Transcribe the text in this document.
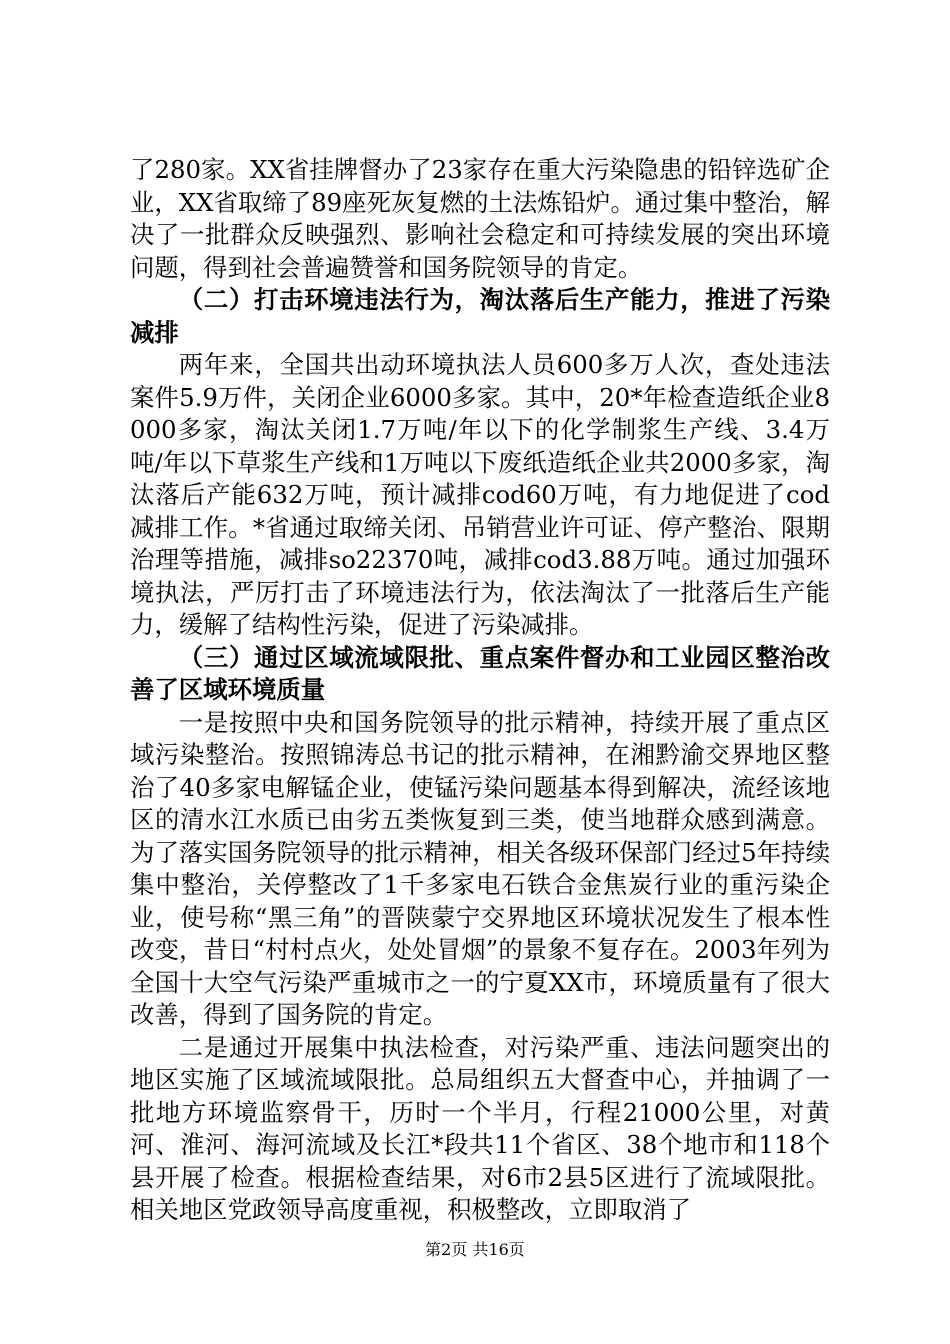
了280家。XX省挂牌督办了23家存在重大污染隐患的铅锌选矿企业，XX省取缔了89座死灰复燃的土法炼铅炉。通过集中整治，解决了一批群众反映强烈、影响社会稳定和可持续发展的突出环境问题，得到社会普遍赞誉和国务院领导的肯定。

（二）打击环境违法行为，淘汰落后生产能力，推进了污染减排

两年来，全国共出动环境执法人员600多万人次，查处违法案件5.9万件，关闭企业6000多家。其中，20*年检查造纸企业8000多家，淘汰关闭1.7万吨/年以下的化学制浆生产线、3.4万吨/年以下草浆生产线和1万吨以下废纸造纸企业共2000多家，淘汰落后产能632万吨，预计减排cod60万吨，有力地促进了cod减排工作。*省通过取缔关闭、吊销营业许可证、停产整治、限期治理等措施，减排so22370吨，减排cod3.88万吨。通过加强环境执法，严厉打击了环境违法行为，依法淘汰了一批落后生产能力，缓解了结构性污染，促进了污染减排。

（三）通过区域流域限批、重点案件督办和工业园区整治改善了区域环境质量

一是按照中央和国务院领导的批示精神，持续开展了重点区域污染整治。按照锦涛总书记的批示精神，在湘黔渝交界地区整治了40多家电解锰企业，使锰污染问题基本得到解决，流经该地区的清水江水质已由劣五类恢复到三类，使当地群众感到满意。为了落实国务院领导的批示精神，相关各级环保部门经过5年持续集中整治，关停整改了1千多家电石铁合金焦炭行业的重污染企业，使号称“黑三角”的晋陕蒙宁交界地区环境状况发生了根本性改变，昔日“村村点火，处处冒烟”的景象不复存在。2003年列为全国十大空气污染严重城市之一的宁夏XX市，环境质量有了很大改善，得到了国务院的肯定。

二是通过开展集中执法检查，对污染严重、违法问题突出的地区实施了区域流域限批。总局组织五大督查中心，并抽调了一批地方环境监察骨干，历时一个半月，行程21000公里，对黄河、淮河、海河流域及长江*段共11个省区、38个地市和118个县开展了检查。根据检查结果，对6市2县5区进行了流域限批。相关地区党政领导高度重视，积极整改，立即取消了

第2页 共16页
